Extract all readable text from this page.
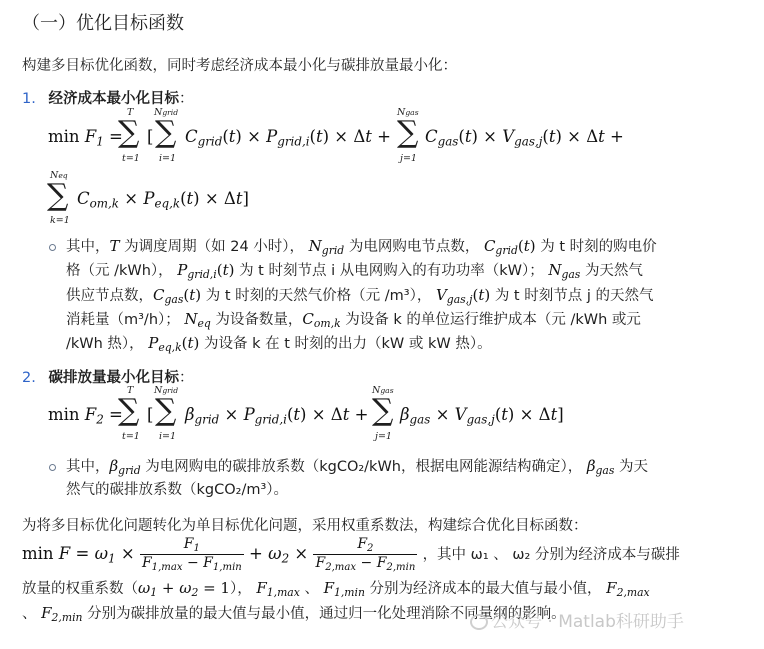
（一）优化目标函数
构建多目标优化函数，同时考虑经济成本最小化与碳排放量最小化：
1. 经济成本最小化目标：
$\min F_1$ =
T
∑
t=1
[
Ngrid
∑
i=1
$C_{grid}(t) \times P_{grid,i}(t) \times \Delta t$ +
Ngas
∑
j=1
$C_{gas}(t) \times V_{gas,j}(t) \times \Delta t$ +
Neq
∑
k=1
$C_{om,k} \times P_{eq,k}(t) \times \Delta t$]
其中，T 为调度周期（如 24 小时）， $N_{grid}$ 为电网购电节点数， $C_{grid}(t)$ 为 t 时刻的购电价
格（元 /kWh）， $P_{grid,i}(t)$ 为 t 时刻节点 i 从电网购入的有功功率（kW）； $N_{gas}$ 为天然气
供应节点数，$C_{gas}(t)$ 为 t 时刻的天然气价格（元 /m³）， $V_{gas,j}(t)$ 为 t 时刻节点 j 的天然气
消耗量（m³/h）； $N_{eq}$ 为设备数量，$C_{om,k}$ 为设备 k 的单位运行维护成本（元 /kWh 或元
/kWh 热）， $P_{eq,k}(t)$ 为设备 k 在 t 时刻的出力（kW 或 kW 热）。
2. 碳排放量最小化目标：
$\min F_2$ =
T
∑
t=1
[
Ngrid
∑
i=1
$\beta_{grid} \times P_{grid,i}(t) \times \Delta t$ +
Ngas
∑
j=1
$\beta_{gas} \times V_{gas,j}(t) \times \Delta t$]
其中，$\beta_{grid}$ 为电网购电的碳排放系数（kgCO₂/kWh，根据电网能源结构确定）， $\beta_{gas}$ 为天
然气的碳排放系数（kgCO₂/m³）。
为将多目标优化问题转化为单目标优化问题，采用权重系数法，构建综合优化目标函数：
$\min F = \omega_1 \times \frac{F_1}{F_{1,max} - F_{1,min}} + \omega_2 \times \frac{F_2}{F_{2,max} - F_{2,min}}$ ，其中 ω₁ 、 ω₂ 分别为经济成本与碳排
放量的权重系数$(\omega_1 + \omega_2 = 1)$， $F_{1,max}$ 、 $F_{1,min}$ 分别为经济成本的最大值与最小值， $F_{2,max}$
、 $F_{2,min}$ 分别为碳排放量的最大值与最小值，通过归一化处理消除不同量纲的影响。
公众号 · Matlab科研助手
